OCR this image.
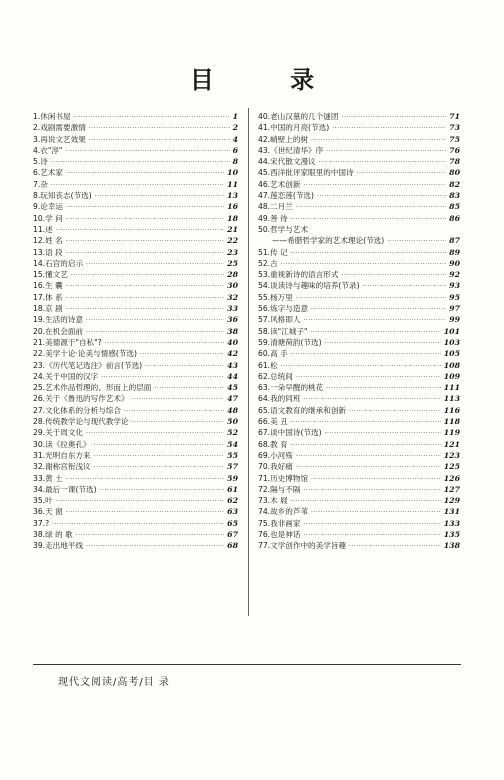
目 录
1. 休闲书屋 ·····	1
2. 戏剧需要激情 ·····	2
3. 再说文艺效果 ·····	4
4. 衣"淳" ·····	6
5. 诗 ·····	8
6. 艺术家 ·····	10
7. 杂 ·····	11
8. 玩知丧志(节选) ·····	13
9. 论幸运 ·····	16
10. 学 问 ·····	18
11. 述 ·····	21
12. 姓 名 ·····	22
13. 语 段 ·····	23
14. 石宫的启示 ·····	25
15. 懂文艺 ·····	28
16. 生 囊 ·····	30
17. 体 系 ·····	32
18. 京 剧 ·····	33
19. 生活的诗意 ·····	36
20. 在机会面前 ·····	38
21. 美德源于"自私"? ·····	40
22. 美学十论·论美与情感(节选) ·····	42
23. 《历代笔记选注》前言(节选) ·····	43
24. 关于中国的汉字 ·····	44
25. 艺术作品哲理的、形而上的层面 ·····	45
26. 关于《鲁迅的写作艺术》 ·····	47
27. 文化体系的分析与综合 ·····	48
28. 传统教学论与现代教学论 ·····	50
29. 关于周文化 ·····	52
30. 读《拉奥孔》 ·····	54
31. 光明自东方来 ·····	55
32. 谢称宫衔浅议 ·····	57
33. 黄 土 ·····	59
34. 最后一课(节选) ·····	61
35. 叶 ·····	62
36. 天 窗 ·····	63
37. ? ·····	65
38. 绿 的 歌 ·····	67
39. 走出地平线 ·····	68
40. 老山汉墓的几个谜团 ·····	71
41. 中国的月亮(节选) ·····	73
42. 峭壁上的树 ·····	75
43. 《世纪清华》序 ·····	76
44. 宋代散文漫议 ·····	78
45. 西洋批评家眼里的中国诗 ·····	80
46. 艺术创新 ·····	82
47. 莲恋莲(节选) ·····	83
48. 二月兰 ·····	85
49. 善 待 ·····	86
50. 哲学与艺术
——希腊哲学家的艺术理论(节选) ·····	87
51. 传 记 ·····	89
52. 古 ·····	90
53. 重视新诗的语言形式 ·····	92
54. 谈读诗与趣味的培养(节录) ·····	93
55. 杨万里 ·····	95
56. 炼字与造意 ·····	97
57. 风格即人 ·····	99
58. 读"江城子" ·····	101
59. 清塘荷韵(节选) ·····	103
60. 高 手 ·····	105
61. 松 ·····	108
62. 总统间 ·····	109
63. 一朵早醒的桃花 ·····	111
64. 我的同班 ·····	113
65. 语文教育的继承和创新 ·····	116
66. 美 丑 ·····	118
67. 谈中国诗(节选) ·····	119
68. 教 育 ·····	121
69. 小河殇 ·····	123
70. 我好痛 ·····	125
71. 历史博物馆 ·····	126
72. 隔与不隔 ·····	127
73. 木 屐 ·····	129
74. 故乡的芦苇 ·····	131
75. 我非画家 ·····	133
76. 也是神话 ·····	135
77. 文学创作中的美学旨趣 ·····	138
现代文阅读/高考/目 录
